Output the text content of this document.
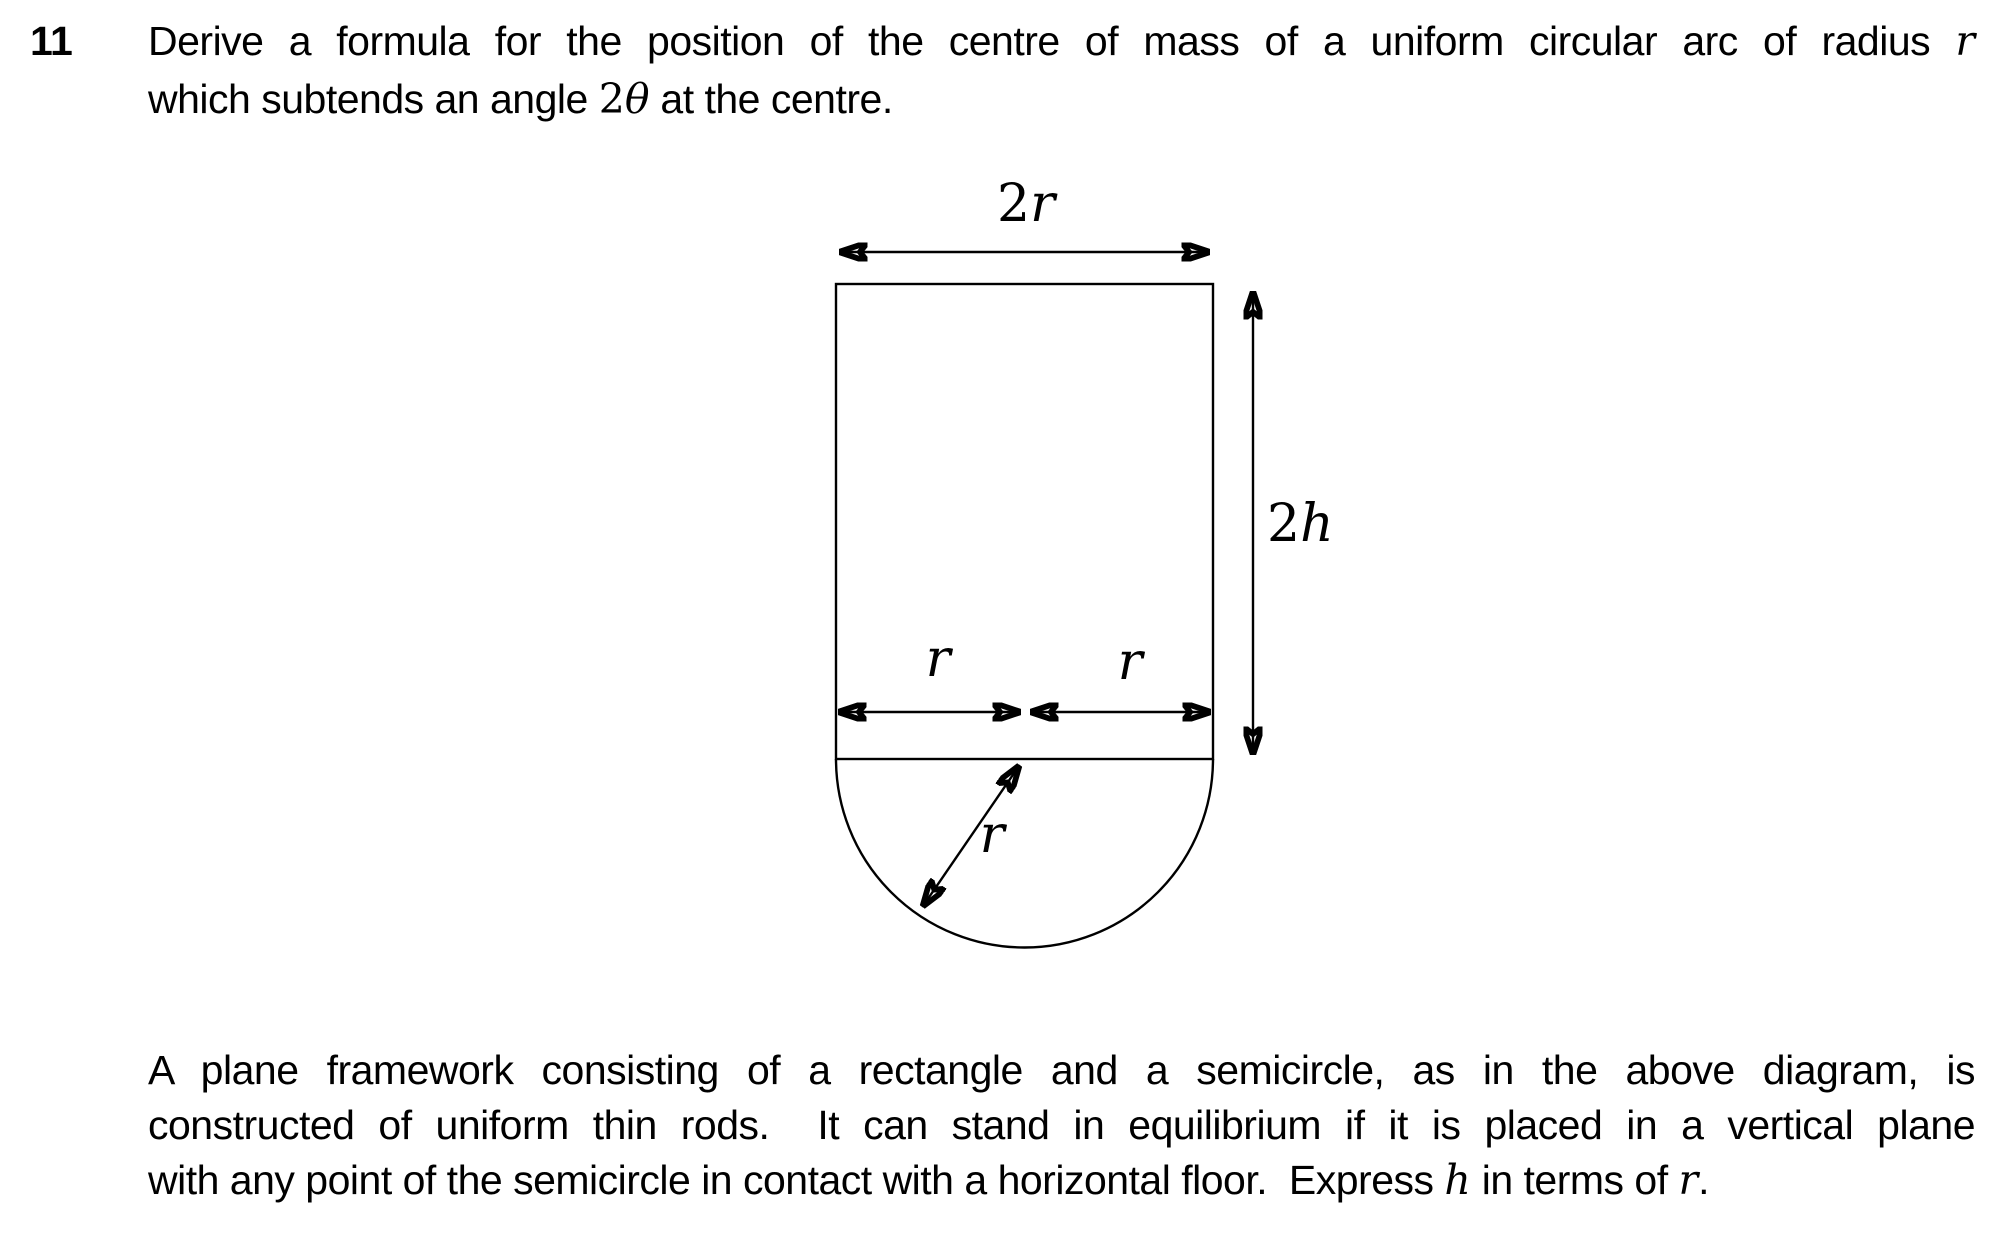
11 Derive a formula for the position of the centre of mass of a uniform circular arc of radius r
which subtends an angle 2θ at the centre.
2r
2h
r	r
r
A plane framework consisting of a rectangle and a semicircle, as in the above diagram, is
constructed of uniform thin rods.  It can stand in equilibrium if it is placed in a vertical plane
with any point of the semicircle in contact with a horizontal floor.  Express h in terms of r.
